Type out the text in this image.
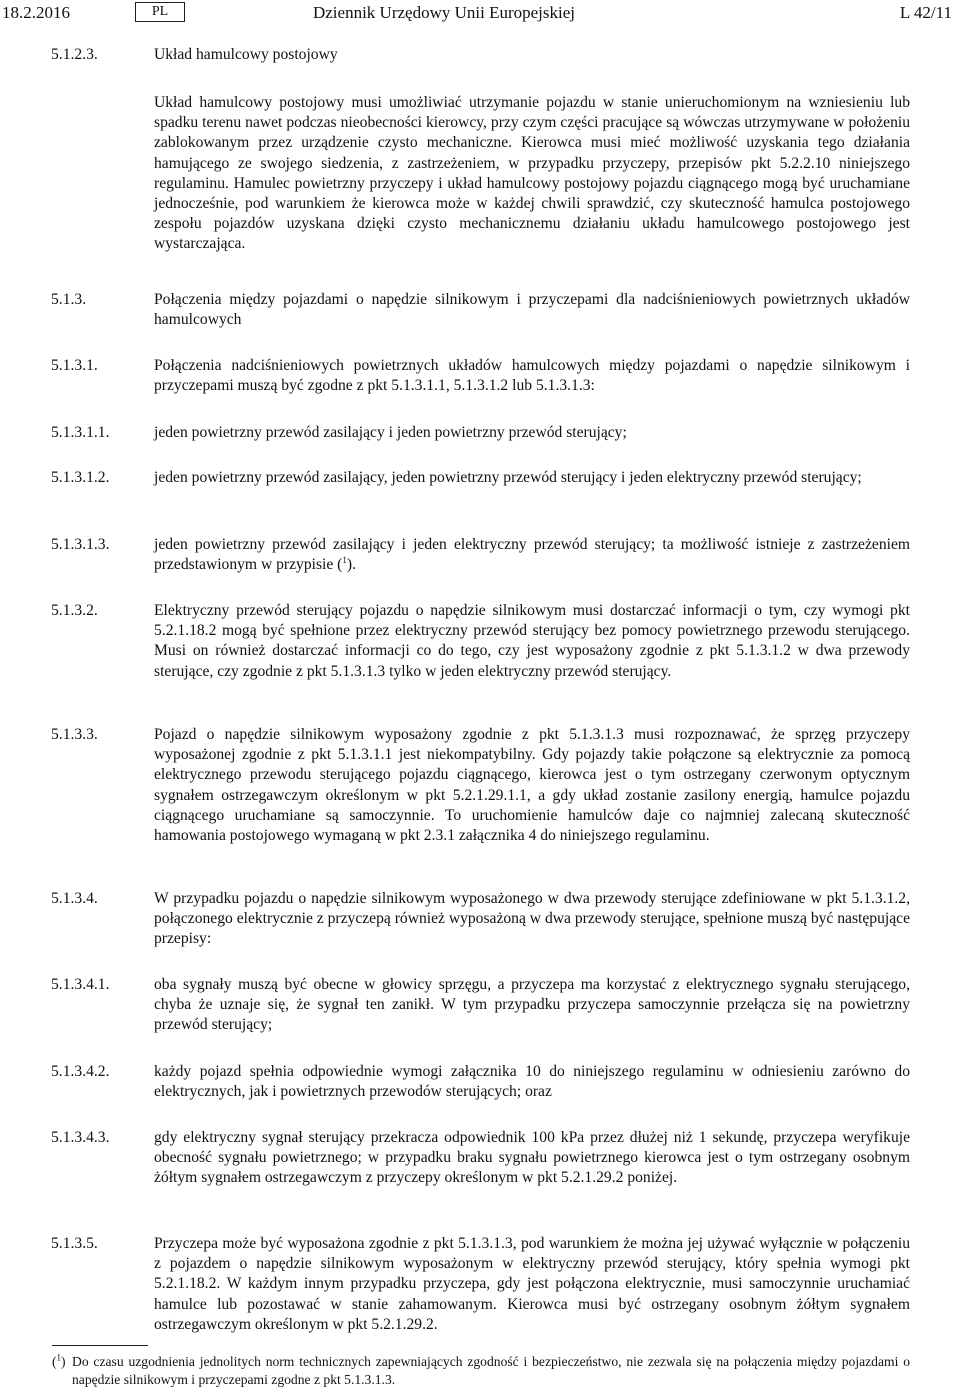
18.2.2016	PL	Dziennik Urzędowy Unii Europejskiej	L 42/11
5.1.2.3.	Układ hamulcowy postojowy
Układ hamulcowy postojowy musi umożliwiać utrzymanie pojazdu w stanie unieruchomionym na wzniesieniu lub spadku terenu nawet podczas nieobecności kierowcy, przy czym części pracujące są wówczas utrzymywane w położeniu zablokowanym przez urządzenie czysto mechaniczne. Kierowca musi mieć możliwość uzyskania tego działania hamującego ze swojego siedzenia, z zastrzeżeniem, w przypadku przyczepy, przepisów pkt 5.2.2.10 niniejszego regulaminu. Hamulec powietrzny przyczepy i układ hamulcowy postojowy pojazdu ciągnącego mogą być uruchamiane jednocześnie, pod warunkiem że kierowca może w każdej chwili sprawdzić, czy skuteczność hamulca postojowego zespołu pojazdów uzyskana dzięki czysto mechanicznemu działaniu układu hamulcowego postojowego jest wystarczająca.
5.1.3.	Połączenia między pojazdami o napędzie silnikowym i przyczepami dla nadciśnieniowych powietrznych układów hamulcowych
5.1.3.1.	Połączenia nadciśnieniowych powietrznych układów hamulcowych między pojazdami o napędzie silnikowym i przyczepami muszą być zgodne z pkt 5.1.3.1.1, 5.1.3.1.2 lub 5.1.3.1.3:
5.1.3.1.1.	jeden powietrzny przewód zasilający i jeden powietrzny przewód sterujący;
5.1.3.1.2.	jeden powietrzny przewód zasilający, jeden powietrzny przewód sterujący i jeden elektryczny przewód sterujący;
5.1.3.1.3.	jeden powietrzny przewód zasilający i jeden elektryczny przewód sterujący; ta możliwość istnieje z zastrzeżeniem przedstawionym w przypisie ($^1$).
5.1.3.2.	Elektryczny przewód sterujący pojazdu o napędzie silnikowym musi dostarczać informacji o tym, czy wymogi pkt 5.2.1.18.2 mogą być spełnione przez elektryczny przewód sterujący bez pomocy powietrznego przewodu sterującego. Musi on również dostarczać informacji co do tego, czy jest wyposażony zgodnie z pkt 5.1.3.1.2 w dwa przewody sterujące, czy zgodnie z pkt 5.1.3.1.3 tylko w jeden elektryczny przewód sterujący.
5.1.3.3.	Pojazd o napędzie silnikowym wyposażony zgodnie z pkt 5.1.3.1.3 musi rozpoznawać, że sprzęg przyczepy wyposażonej zgodnie z pkt 5.1.3.1.1 jest niekompatybilny. Gdy pojazdy takie połączone są elektrycznie za pomocą elektrycznego przewodu sterującego pojazdu ciągnącego, kierowca jest o tym ostrzegany czerwonym optycznym sygnałem ostrzegawczym określonym w pkt 5.2.1.29.1.1, a gdy układ zostanie zasilony energią, hamulce pojazdu ciągnącego uruchamiane są samoczynnie. To uruchomienie hamulców daje co najmniej zalecaną skuteczność hamowania postojowego wymaganą w pkt 2.3.1 załącznika 4 do niniejszego regulaminu.
5.1.3.4.	W przypadku pojazdu o napędzie silnikowym wyposażonego w dwa przewody sterujące zdefiniowane w pkt 5.1.3.1.2, połączonego elektrycznie z przyczepą również wyposażoną w dwa przewody sterujące, spełnione muszą być następujące przepisy:
5.1.3.4.1.	oba sygnały muszą być obecne w głowicy sprzęgu, a przyczepa ma korzystać z elektrycznego sygnału sterującego, chyba że uznaje się, że sygnał ten zanikł. W tym przypadku przyczepa samoczynnie przełącza się na powietrzny przewód sterujący;
5.1.3.4.2.	każdy pojazd spełnia odpowiednie wymogi załącznika 10 do niniejszego regulaminu w odniesieniu zarówno do elektrycznych, jak i powietrznych przewodów sterujących; oraz
5.1.3.4.3.	gdy elektryczny sygnał sterujący przekracza odpowiednik 100 kPa przez dłużej niż 1 sekundę, przyczepa weryfikuje obecność sygnału powietrznego; w przypadku braku sygnału powietrznego kierowca jest o tym ostrzegany osobnym żółtym sygnałem ostrzegawczym z przyczepy określonym w pkt 5.2.1.29.2 poniżej.
5.1.3.5.	Przyczepa może być wyposażona zgodnie z pkt 5.1.3.1.3, pod warunkiem że można jej używać wyłącznie w połączeniu z pojazdem o napędzie silnikowym wyposażonym w elektryczny przewód sterujący, który spełnia wymogi pkt 5.2.1.18.2. W każdym innym przypadku przyczepa, gdy jest połączona elektrycznie, musi samoczynnie uruchamiać hamulce lub pozostawać w stanie zahamowanym. Kierowca musi być ostrzegany osobnym żółtym sygnałem ostrzegawczym określonym w pkt 5.2.1.29.2.
($^1$) Do czasu uzgodnienia jednolitych norm technicznych zapewniających zgodność i bezpieczeństwo, nie zezwala się na połączenia między pojazdami o napędzie silnikowym i przyczepami zgodne z pkt 5.1.3.1.3.
